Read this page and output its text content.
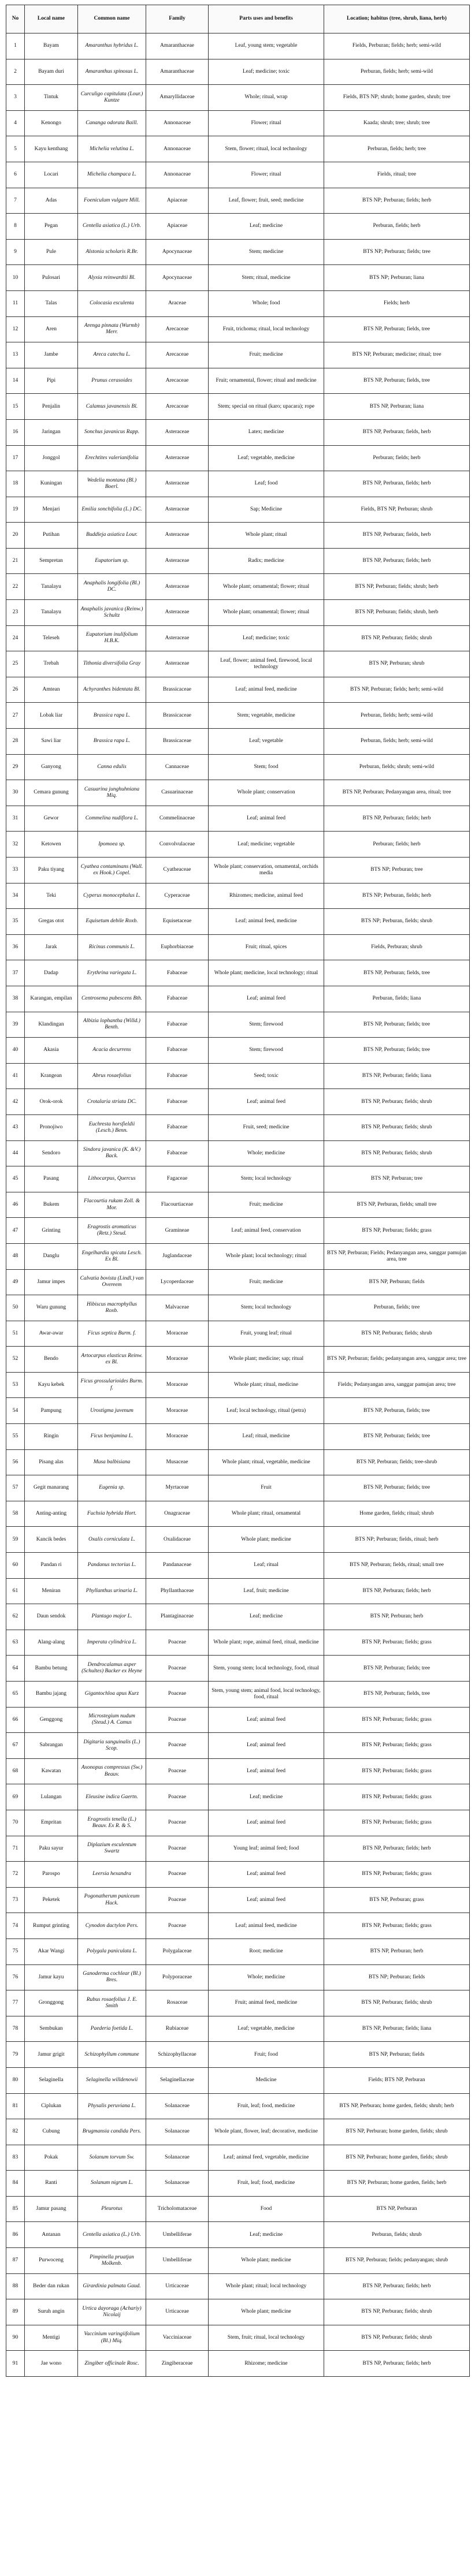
No	Local name	Common name	Family	Parts uses and benefits	Location; habitus (tree, shrub, liana, herb)
1	Bayam	Amaranthus hybridus L.	Amaranthaceae	Leaf, young stem; vegetable	Fields, Perburan; fields; herb; semi-wild
2	Bayam duri	Amaranthus spinosus L.	Amaranthaceae	Leaf; medicine; toxic	Perburan, fields; herb; semi-wild
3	Tintuk	Curculigo capitulata (Lour.) Kuntze	Amaryllidaceae	Whole; ritual, wrap	Fields, BTS NP; shrub; home garden, shrub; tree
4	Kenongo	Cananga odorata Baill.	Annonaceae	Flower; ritual	Kaada; shrub; tree; shrub; tree
5	Kayu kenthang	Michelia velutina L.	Annonaceae	Stem, flower; ritual, local technology	Perburan, fields; herb; tree
6	Locari	Michelia champaca L.	Annonaceae	Flower; ritual	Fields, ritual; tree
7	Adas	Foeniculum vulgare Mill.	Apiaceae	Leaf, flower; fruit, seed; medicine	BTS NP; Perburan; fields; herb
8	Pegan	Centella asiatica (L.) Urb.	Apiaceae	Leaf; medicine	Perburan, fields; herb
9	Pule	Alstonia scholaris R.Br.	Apocynaceae	Stem; medicine	BTS NP; Perburan; fields; tree
10	Pulosari	Alyxia reinwardtii Bl.	Apocynaceae	Stem; ritual, medicine	BTS NP; Perburan; liana
11	Talas	Colocasia esculenta	Araceae	Whole; food	Fields; herb
12	Aren	Arenga pinnata (Wurmb) Merr.	Arecaceae	Fruit, trichoma; ritual, local technology	BTS NP, Perburan; fields, tree
13	Jambe	Areca catechu L.	Arecaceae	Fruit; medicine	BTS NP, Perburan; medicine; ritual; tree
14	Pipi	Prunus cerasoides	Arecaceae	Fruit; ornamental, flower; ritual and medicine	BTS NP, Perburan; fields, tree
15	Penjalin	Calamus javanensis Bl.	Arecaceae	Stem; special on ritual (karo; upacara); rope	BTS NP, Perburan; liana
16	Jaringan	Sonchus javanicus Rapp.	Asteraceae	Latex; medicine	BTS NP, Perburan; fields, herb
17	Jonggol	Erechtites valerianifolia	Asteraceae	Leaf; vegetable, medicine	Perburan; fields; herb
18	Kuningan	Wedelia montana (Bl.) Boerl.	Asteraceae	Leaf; food	BTS NP, Perburan, fields; herb
19	Menjari	Emilia sonchifolia (L.) DC.	Asteraceae	Sap; Medicine	Fields, BTS NP, Perburan; shrub
20	Putihan	Buddleja asiatica Lour.	Asteraceae	Whole plant; ritual	BTS NP, Perburan; fields, herb
21	Sempretan	Eupatorium sp.	Asteraceae	Radix; medicine	BTS NP, Perburan; fields; herb
22	Tanalayu	Anaphalis longifolia (Bl.) DC.	Asteraceae	Whole plant; ornamental; flower; ritual	BTS NP, Perburan; fields; shrub; herb
23	Tanalayu	Anaphalis javanica (Reinw.) Schultz	Asteraceae	Whole plant; ornamental; flower; ritual	BTS NP, Perburan; fields; shrub, herb
24	Teleseh	Eupatorium inulifolium H.B.K.	Asteraceae	Leaf; medicine; toxic	BTS NP, Perburan; fields; shrub
25	Trebah	Tithonia diversifolia Gray	Asteraceae	Leaf, flower; animal feed, firewood, local technology	BTS NP, Perburan; shrub
26	Amtean	Achyranthes bidentata Bl.	Brassicaceae	Leaf; animal feed, medicine	BTS NP, Perburan; fields; herb; semi-wild
27	Lobak liar	Brassica rapa L.	Brassicaceae	Stem; vegetable, medicine	Perburan, fields; herb; semi-wild
28	Sawi liar	Brassica rapa L.	Brassicaceae	Leaf; vegetable	Perburan, fields; herb; semi-wild
29	Ganyong	Canna edulis	Cannaceae	Stem; food	Perburan, fields; shrub; semi-wild
30	Cemara gunung	Casuarina junghuhniana Miq.	Casuarinaceae	Whole plant; conservation	BTS NP, Perburan; Pedanyangan area, ritual; tree
31	Gewor	Commelina nudiflora L.	Commelinaceae	Leaf; animal feed	BTS NP, Perburan; fields; herb
32	Ketowen	Ipomoea sp.	Convolvulaceae	Leaf; medicine; vegetable	Perburan; fields; herb
33	Paku tiyang	Cyathea contaminans (Wall. ex Hook.) Copel.	Cyatheaceae	Whole plant; conservation, ornamental, orchids media	BTS NP; Perburan; tree
34	Teki	Cyperus monocephalus L.	Cyperaceae	Rhizomes; medicine, animal feed	BTS NP; Perburan, fields; herb
35	Gregas otot	Equisetum debile Roxb.	Equisetaceae	Leaf; animal feed, medicine	BTS NP; Perburan, fields; shrub
36	Jarak	Ricinus communis L.	Euphorbiaceae	Fruit; ritual, spices	Fields, Perburan; shrub
37	Dadap	Erythrina variegata L.	Fabaceae	Whole plant; medicine, local technology; ritual	BTS NP, Perburan; fields, tree
38	Karangan, empilan	Centrosema pubescens Bth.	Fabaceae	Leaf; animal feed	Perburan, fields; liana
39	Klandingan	Albizia lophantha (Willd.) Benth.	Fabaceae	Stem; firewood	BTS NP, Perburan; fields; tree
40	Akasia	Acacia decurrens	Fabaceae	Stem; firewood	BTS NP, Perburan; fields; tree
41	Krangean	Abrus rosaefolius	Fabaceae	Seed; toxic	BTS NP, Perburan; fields; liana
42	Orok-orok	Crotalaria striata DC.	Fabaceae	Leaf; animal feed	BTS NP, Perburan; fields; shrub
43	Pronojiwo	Euchresta horsfieldii (Lesch.) Benn.	Fabaceae	Fruit, seed; medicine	BTS NP, Perburan; fields; shrub
44	Sendoro	Sindora javanica (K. &V.) Back.	Fabaceae	Whole; medicine	BTS NP, Perburan; fields; shrub
45	Pasang	Lithocarpus, Quercus	Fagaceae	Stem; local technology	BTS NP, Perburan; tree
46	Bukem	Flacourtia rukam Zoll. & Mor.	Flacourtiaceae	Fruit; medicine	BTS NP, Perburan, fields; small tree
47	Grinting	Eragrostis aromaticus (Retz.) Steud.	Gramineae	Leaf; animal feed, conservation	BTS NP, Perburan; fields; grass
48	Danglu	Engelhardia spicata Lesch. Ex Bl.	Juglandaceae	Whole plant; local technology; ritual	BTS NP, Perburan; Fields; Pedanyangan area, sanggar pamujan area, tree
49	Jamur impes	Calvatia bovista (Lindl.) van Overeem	Lycoperdaceae	Fruit; medicine	BTS NP, Perburan; fields
50	Waru gunung	Hibiscus macrophyllus Roxb.	Malvaceae	Stem; local technology	Perburan, fields; tree
51	Awar-awar	Ficus septica Burm. f.	Moraceae	Fruit, young leaf; ritual	BTS NP, Perburan; fields; shrub
52	Bendo	Artocarpus elasticus Reinw. ex Bl.	Moraceae	Whole plant; medicine; sap; ritual	BTS NP, Perburan; fields; pedanyangan area, sanggar area; tree
53	Kayu kebek	Ficus grossularioides Burm. f.	Moraceae	Whole plant; ritual, medicine	Fields; Pedanyangan area, sanggar pamujan area; tree
54	Pampung	Urostigma juvenum	Moraceae	Leaf; local technology, ritual (petra)	BTS NP, Perburan, fields; tree
55	Ringin	Ficus benjamina L.	Moraceae	Leaf; ritual, medicine	BTS NP, Perburan; fields; tree
56	Pisang alas	Musa balbisiana	Musaceae	Whole plant; ritual, vegetable, medicine	BTS NP, Perburan; fields; tree-shrub
57	Gegit manarang	Eugenia sp.	Myrtaceae	Fruit	BTS NP, Perburan; fields; tree
58	Anting-anting	Fuchsia hybrida Hort.	Onagraceae	Whole plant; ritual, ornamental	Home garden, fields; ritual; shrub
59	Kancik bedes	Oxalis corniculata L.	Oxalidaceae	Whole plant; medicine	BTS NP; Perburan; fields, ritual; herb
60	Pandan ri	Pandanus tectorius L.	Pandanaceae	Leaf; ritual	BTS NP, Perburan; fields, ritual; small tree
61	Meniran	Phyllanthus urinaria L.	Phyllanthaceae	Leaf, fruit; medicine	BTS NP, Perburan; fields; herb
62	Daun sendok	Plantago major L.	Plantaginaceae	Leaf; medicine	BTS NP, Perburan; herb
63	Alang-alang	Imperata cylindrica L.	Poaceae	Whole plant; rope, animal feed, ritual, medicine	BTS NP, Perburan; fields; grass
64	Bambu betung	Dendrocalamus asper (Schultes) Backer ex Heyne	Poaceae	Stem, young stem; local technology, food, ritual	BTS NP, Perburan; fields; tree
65	Bambu jajang	Gigantochloa apus Kurz	Poaceae	Stem, young stem; animal food, local technology, food, ritual	BTS NP, Perburan; fields, tree
66	Genggong	Microstegium nudum (Steud.) A. Camus	Poaceae	Leaf; animal feed	BTS NP, Perburan; fields; grass
67	Sabrangan	Digitaria sanguinalis (L.) Scop.	Poaceae	Leaf; animal feed	BTS NP, Perburan; fields; grass
68	Kawatan	Axonopus compressus (Sw.) Beauv.	Poaceae	Leaf; animal feed	BTS NP, Perburan; fields; grass
69	Lulangan	Eleusine indica Gaertn.	Poaceae	Leaf; medicine	BTS NP, Perburan; fields; grass
70	Empritan	Eragrostis tenella (L.) Beauv. Ex R. & S.	Poaceae	Leaf; animal feed	BTS NP, Perburan; fields; grass
71	Paku sayur	Diplazium esculentum Swartz	Poaceae	Young leaf; animal feed; food	BTS NP, Perburan; fields; herb
72	Parospo	Leersia hexandra	Poaceae	Leaf; animal feed	BTS NP, Perburan; fields; grass
73	Peketek	Pogonatherum paniceum Hack.	Poaceae	Leaf; animal feed	BTS NP, Perburan; grass
74	Rumput grinting	Cynodon dactylon Pers.	Poaceae	Leaf; animal feed, medicine	BTS NP, Perburan; fields; grass
75	Akar Wangi	Polygala paniculata L.	Polygalaceae	Root; medicine	BTS NP, Perburan; herb
76	Jamur kayu	Ganoderma cochlear (Bl.) Bres.	Polyporaceae	Whole; medicine	BTS NP; Perburan; fields
77	Gronggong	Rubus rosaefolius J. E. Smith	Rosaceae	Fruit; animal feed, medicine	BTS NP, Perburan; fields; shrub
78	Sembukan	Paederia foetida L.	Rubiaceae	Leaf; vegetable, medicine	BTS NP, Perburan; fields; liana
79	Jamur grigit	Schizophyllum commune	Schizophyllaceae	Fruit; food	BTS NP, Perburan; fields
80	Selaginella	Selaginella willdenowii	Selaginellaceae	Medicine	Fields; BTS NP, Perburan
81	Ciplukan	Physalis peruviana L.	Solanaceae	Fruit, leaf; food, medicine	BTS NP, Perburan; home garden, fields; shrub; herb
82	Cubung	Brugmansia candida Pers.	Solanaceae	Whole plant, flower, leaf; decorative, medicine	BTS NP, Perburan; home garden, fields; shrub
83	Pokak	Solanum torvum Sw.	Solanaceae	Leaf; animal feed, vegetable, medicine	BTS NP, Perburan; home garden, fields; shrub
84	Ranti	Solanum nigrum L.	Solanaceae	Fruit, leaf; food, medicine	BTS NP, Perburan; home garden, fields; herb
85	Jamur pasang	Pleurotus	Tricholomataceae	Food	BTS NP, Perburan
86	Antanan	Centella asiatica (L.) Urb.	Umbelliferae	Leaf; medicine	Perburan, fields; shrub
87	Purwoceng	Pimpinella pruatjan Molkenb.	Umbelliferae	Whole plant; medicine	BTS NP, Perburan; fields; pedanyangan; shrub
88	Beder dan rukan	Girardinia palmata Gaud.	Urticaceae	Whole plant; ritual; local technology	BTS NP, Perburan; fields; herb
89	Suruh angin	Urtica dayoraga (Achariy) Nicolaij	Urticaceae	Whole plant; medicine	BTS NP, Perburan; fields; shrub
90	Mentigi	Vaccinium varingiifolium (Bl.) Miq.	Vacciniaceae	Stem, fruit; ritual, local technology	BTS NP, Perburan; fields; shrub
91	Jae wono	Zingiber officinale Rosc.	Zingiberaceae	Rhizome; medicine	BTS NP, Perburan; fields; herb
